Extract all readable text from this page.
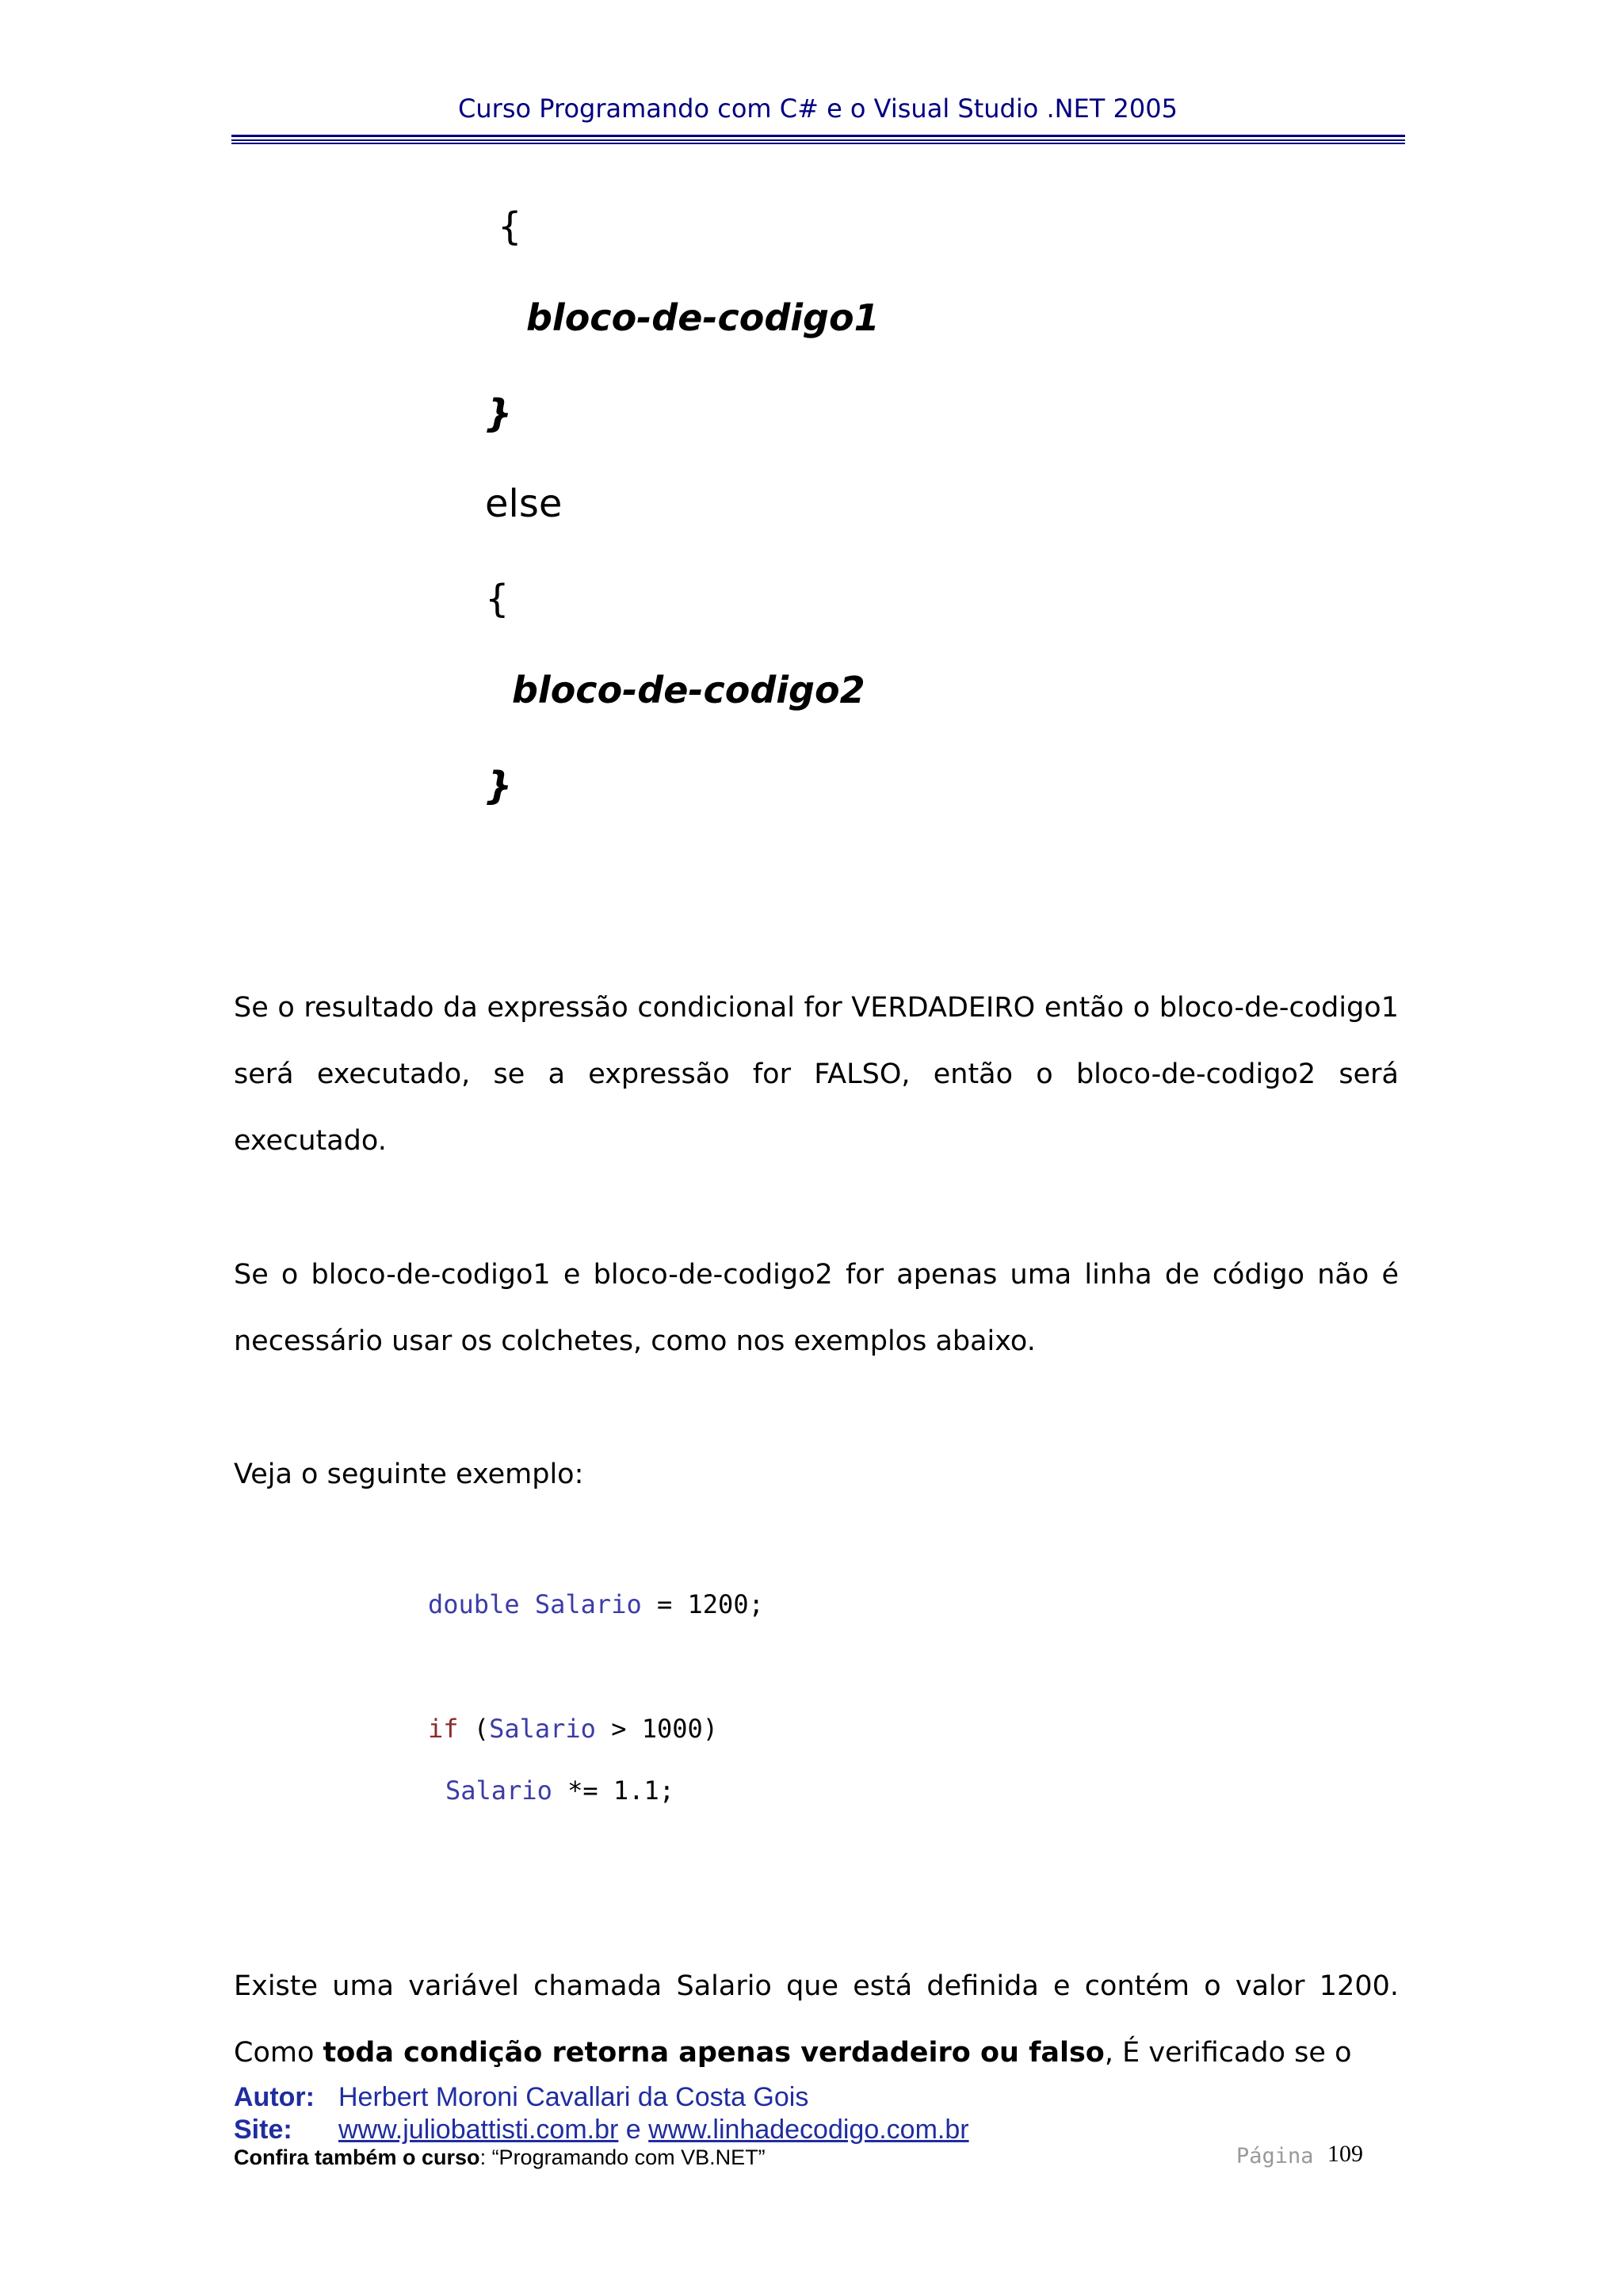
Curso Programando com C# e o Visual Studio .NET 2005
{
bloco-de-codigo1
}
else
{
bloco-de-codigo2
}
Se o resultado da expressão condicional for VERDADEIRO então o bloco-de-codigo1 será executado, se a expressão for FALSO, então o bloco-de-codigo2 será executado.
Se o bloco-de-codigo1 e bloco-de-codigo2 for apenas uma linha de código não é necessário usar os colchetes, como nos exemplos abaixo.
Veja o seguinte exemplo:
double Salario = 1200;
if (Salario > 1000)
Salario *= 1.1;
Existe uma variável chamada Salario que está definida e contém o valor 1200. Como toda condição retorna apenas verdadeiro ou falso, É verificado se o
Autor: Herbert Moroni Cavallari da Costa Gois
Site: www.juliobattisti.com.br e www.linhadecodigo.com.br
Confira também o curso: “Programando com VB.NET”	Página 109
